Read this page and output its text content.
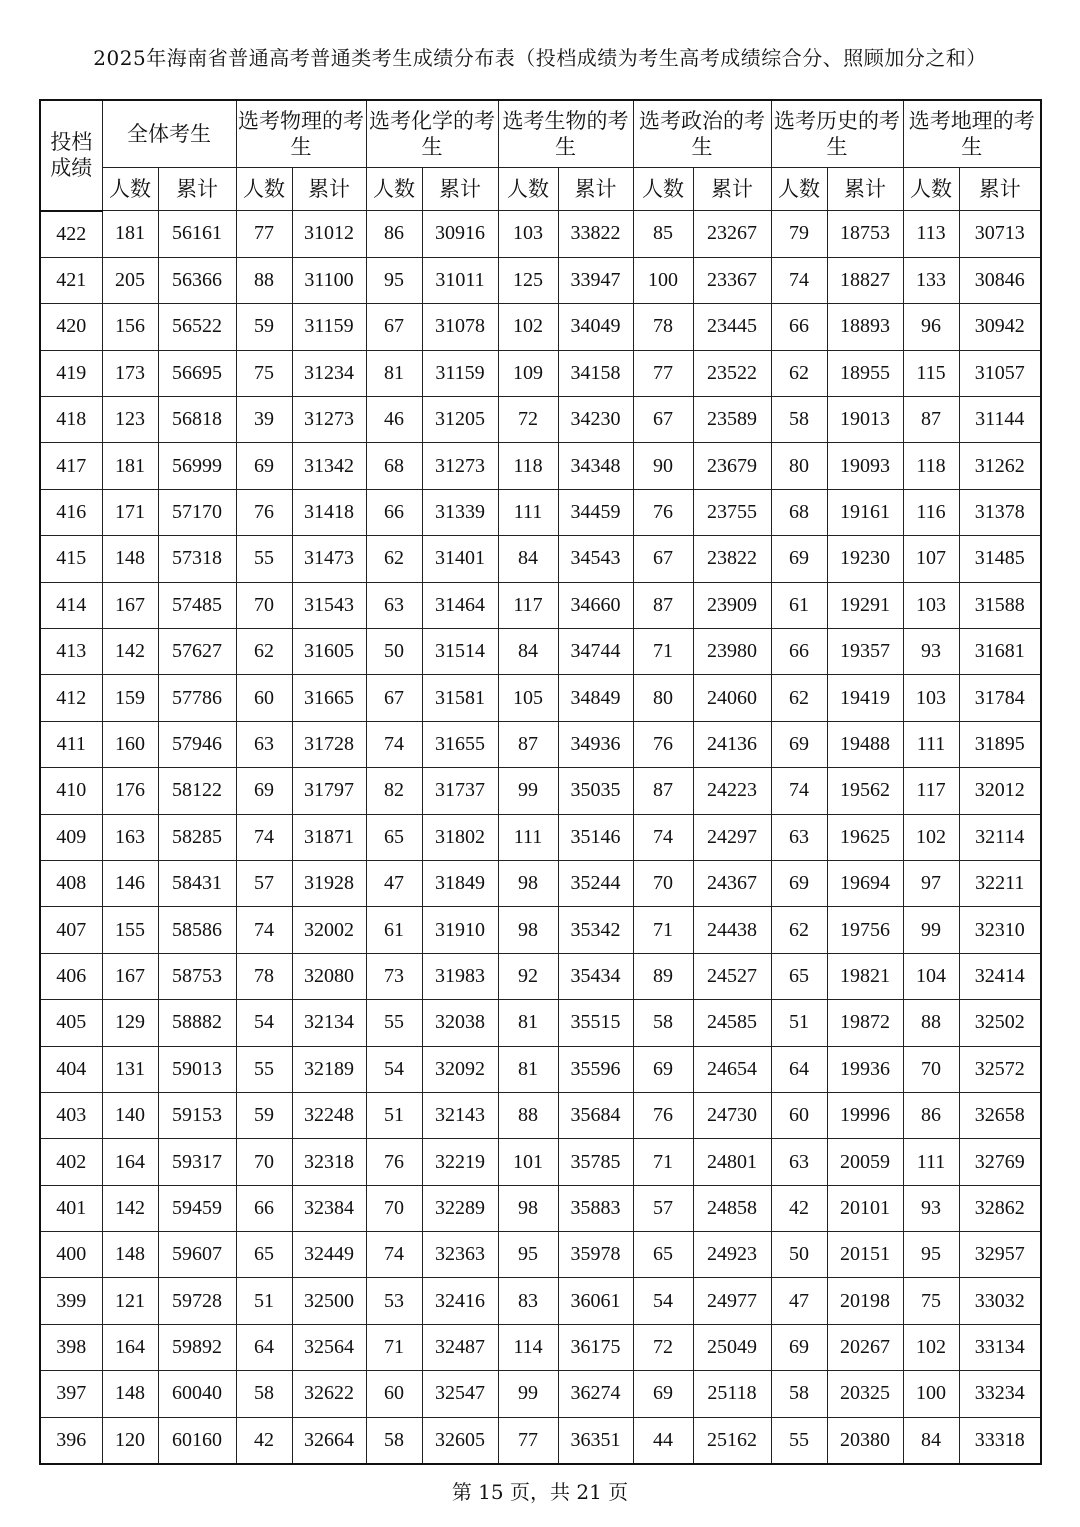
2025年海南省普通高考普通类考生成绩分布表（投档成绩为考生高考成绩综合分、照顾加分之和）
投档成绩	全体考生		选考物理的考生		选考化学的考生		选考生物的考生		选考政治的考生		选考历史的考生		选考地理的考生	
	人数	累计	人数	累计	人数	累计	人数	累计	人数	累计	人数	累计	人数	累计
422	181	56161	77	31012	86	30916	103	33822	85	23267	79	18753	113	30713
421	205	56366	88	31100	95	31011	125	33947	100	23367	74	18827	133	30846
420	156	56522	59	31159	67	31078	102	34049	78	23445	66	18893	96	30942
419	173	56695	75	31234	81	31159	109	34158	77	23522	62	18955	115	31057
418	123	56818	39	31273	46	31205	72	34230	67	23589	58	19013	87	31144
417	181	56999	69	31342	68	31273	118	34348	90	23679	80	19093	118	31262
416	171	57170	76	31418	66	31339	111	34459	76	23755	68	19161	116	31378
415	148	57318	55	31473	62	31401	84	34543	67	23822	69	19230	107	31485
414	167	57485	70	31543	63	31464	117	34660	87	23909	61	19291	103	31588
413	142	57627	62	31605	50	31514	84	34744	71	23980	66	19357	93	31681
412	159	57786	60	31665	67	31581	105	34849	80	24060	62	19419	103	31784
411	160	57946	63	31728	74	31655	87	34936	76	24136	69	19488	111	31895
410	176	58122	69	31797	82	31737	99	35035	87	24223	74	19562	117	32012
409	163	58285	74	31871	65	31802	111	35146	74	24297	63	19625	102	32114
408	146	58431	57	31928	47	31849	98	35244	70	24367	69	19694	97	32211
407	155	58586	74	32002	61	31910	98	35342	71	24438	62	19756	99	32310
406	167	58753	78	32080	73	31983	92	35434	89	24527	65	19821	104	32414
405	129	58882	54	32134	55	32038	81	35515	58	24585	51	19872	88	32502
404	131	59013	55	32189	54	32092	81	35596	69	24654	64	19936	70	32572
403	140	59153	59	32248	51	32143	88	35684	76	24730	60	19996	86	32658
402	164	59317	70	32318	76	32219	101	35785	71	24801	63	20059	111	32769
401	142	59459	66	32384	70	32289	98	35883	57	24858	42	20101	93	32862
400	148	59607	65	32449	74	32363	95	35978	65	24923	50	20151	95	32957
399	121	59728	51	32500	53	32416	83	36061	54	24977	47	20198	75	33032
398	164	59892	64	32564	71	32487	114	36175	72	25049	69	20267	102	33134
397	148	60040	58	32622	60	32547	99	36274	69	25118	58	20325	100	33234
396	120	60160	42	32664	58	32605	77	36351	44	25162	55	20380	84	33318
第 15 页，共 21 页
